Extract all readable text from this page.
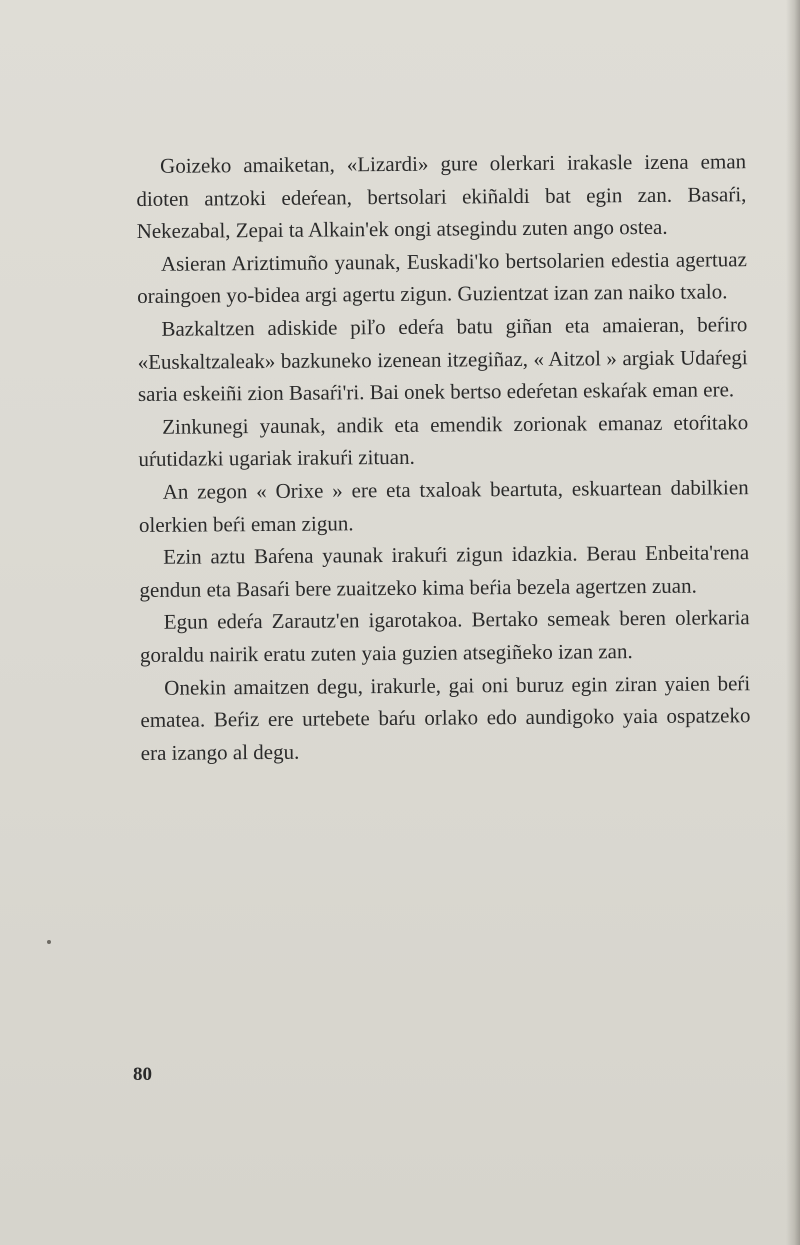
Goizeko amaiketan, «Lizardi» gure olerkari irakasle izena eman dioten antzoki edeŕean, bertsolari ekiñaldi bat egin zan. Basaŕi, Nekezabal, Zepai ta Alkain'ek ongi atsegindu zuten ango ostea.

Asieran Ariztimuño yaunak, Euskadi'ko bertsolarien edestia agertuaz oraingoen yo-bidea argi agertu zigun. Guzientzat izan zan naiko txalo.

Bazkaltzen adiskide piľo edeŕa batu giñan eta amaieran, beŕiro «Euskaltzaleak» bazkuneko izenean itzegiñaz, « Aitzol » argiak Udaŕegi saria eskeiñi zion Basaŕi'ri. Bai onek bertso edeŕetan eskaŕak eman ere.

Zinkunegi yaunak, andik eta emendik zorionak emanaz etoŕitako uŕutidazki ugariak irakuŕi zituan.

An zegon « Orixe » ere eta txaloak beartuta, eskuartean dabilkien olerkien beŕi eman zigun.

Ezin aztu Baŕena yaunak irakuŕi zigun idazkia. Berau Enbeita'rena gendun eta Basaŕi bere zuaitzeko kima beŕia bezela agertzen zuan.

Egun edeŕa Zarautz'en igarotakoa. Bertako semeak beren olerkaria goraldu nairik eratu zuten yaia guzien atsegiñeko izan zan.

Onekin amaitzen degu, irakurle, gai oni buruz egin ziran yaien beŕi ematea. Beŕiz ere urtebete baŕu orlako edo aundigoko yaia ospatzeko era izango al degu.

80
